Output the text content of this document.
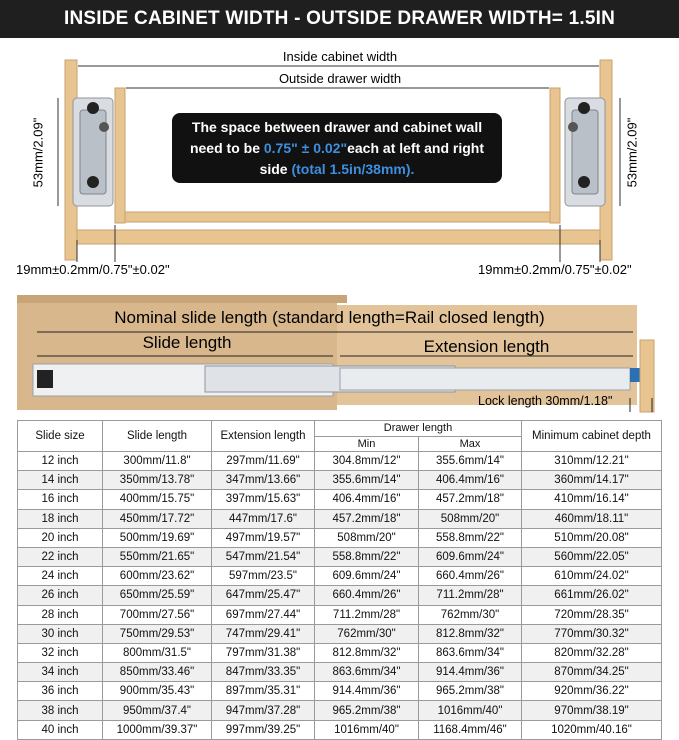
INSIDE CABINET WIDTH - OUTSIDE DRAWER WIDTH= 1.5IN
Inside cabinet width
Outside drawer width
53mm/2.09"	53mm/2.09"
19mm±0.2mm/0.75"±0.02"	19mm±0.2mm/0.75"±0.02"
The space between drawer and cabinet wall
need to be 0.75" ± 0.02"each at left and right
side (total 1.5in/38mm).
Nominal slide length (standard length=Rail closed length)
Slide length	Extension length
Lock length 30mm/1.18"
Slide size	Slide length	Extension length	Drawer length		Minimum cabinet depth
			Min	Max	
12 inch	300mm/11.8"	297mm/11.69"	304.8mm/12"	355.6mm/14"	310mm/12.21"
14 inch	350mm/13.78"	347mm/13.66"	355.6mm/14"	406.4mm/16"	360mm/14.17"
16 inch	400mm/15.75"	397mm/15.63"	406.4mm/16"	457.2mm/18"	410mm/16.14"
18 inch	450mm/17.72"	447mm/17.6"	457.2mm/18"	508mm/20"	460mm/18.11"
20 inch	500mm/19.69"	497mm/19.57"	508mm/20"	558.8mm/22"	510mm/20.08"
22 inch	550mm/21.65"	547mm/21.54"	558.8mm/22"	609.6mm/24"	560mm/22.05"
24 inch	600mm/23.62"	597mm/23.5"	609.6mm/24"	660.4mm/26"	610mm/24.02"
26 inch	650mm/25.59"	647mm/25.47"	660.4mm/26"	711.2mm/28"	661mm/26.02"
28 inch	700mm/27.56"	697mm/27.44"	711.2mm/28"	762mm/30"	720mm/28.35"
30 inch	750mm/29.53"	747mm/29.41"	762mm/30"	812.8mm/32"	770mm/30.32"
32 inch	800mm/31.5"	797mm/31.38"	812.8mm/32"	863.6mm/34"	820mm/32.28"
34 inch	850mm/33.46"	847mm/33.35"	863.6mm/34"	914.4mm/36"	870mm/34.25"
36 inch	900mm/35.43"	897mm/35.31"	914.4mm/36"	965.2mm/38"	920mm/36.22"
38 inch	950mm/37.4"	947mm/37.28"	965.2mm/38"	1016mm/40"	970mm/38.19"
40 inch	1000mm/39.37"	997mm/39.25"	1016mm/40"	1168.4mm/46"	1020mm/40.16"
